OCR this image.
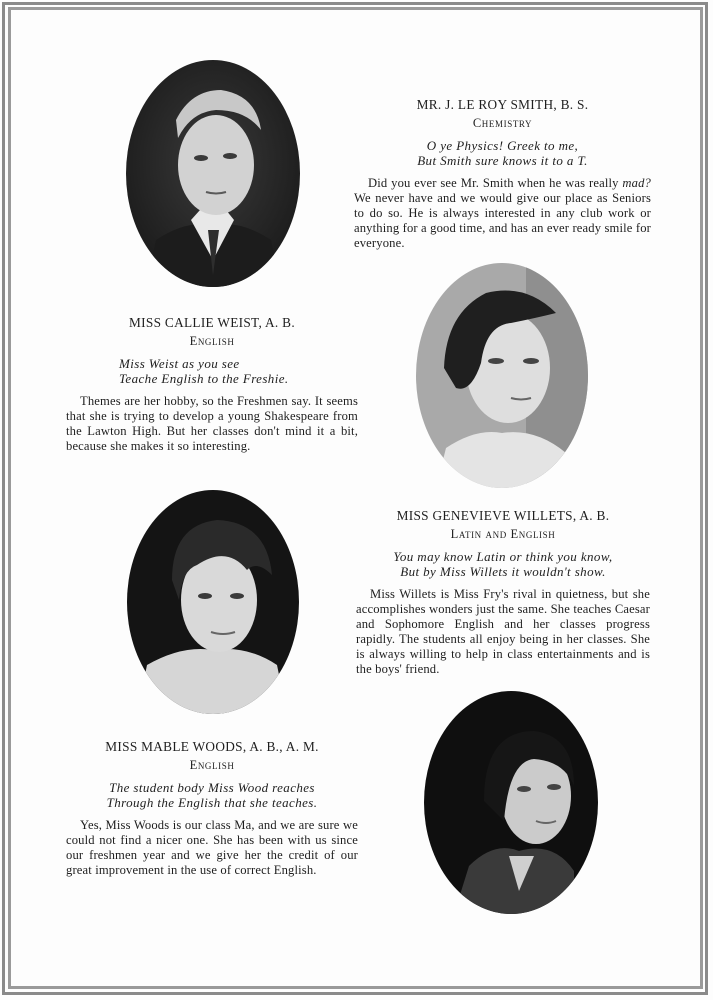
MR. J. LE ROY SMITH, B. S.
Chemistry
O ye Physics! Greek to me,
But Smith sure knows it to a T.
Did you ever see Mr. Smith when he was really mad? We never have and we would give our place as Seniors to do so. He is always interested in any club work or anything for a good time, and has an ever ready smile for everyone.
MISS CALLIE WEIST, A. B.
English
Miss Weist as you see
Teache English to the Freshie.
Themes are her hobby, so the Freshmen say. It seems that she is trying to develop a young Shakespeare from the Lawton High. But her classes don't mind it a bit, because she makes it so interesting.
MISS GENEVIEVE WILLETS, A. B.
Latin and English
You may know Latin or think you know,
But by Miss Willets it wouldn't show.
Miss Willets is Miss Fry's rival in quietness, but she accomplishes wonders just the same. She teaches Caesar and Sophomore English and her classes progress rapidly. The students all enjoy being in her classes. She is always willing to help in class entertainments and is the boys' friend.
MISS MABLE WOODS, A. B., A. M.
English
The student body Miss Wood reaches
Through the English that she teaches.
Yes, Miss Woods is our class Ma, and we are sure we could not find a nicer one. She has been with us since our freshmen year and we give her the credit of our great improvement in the use of correct English.
